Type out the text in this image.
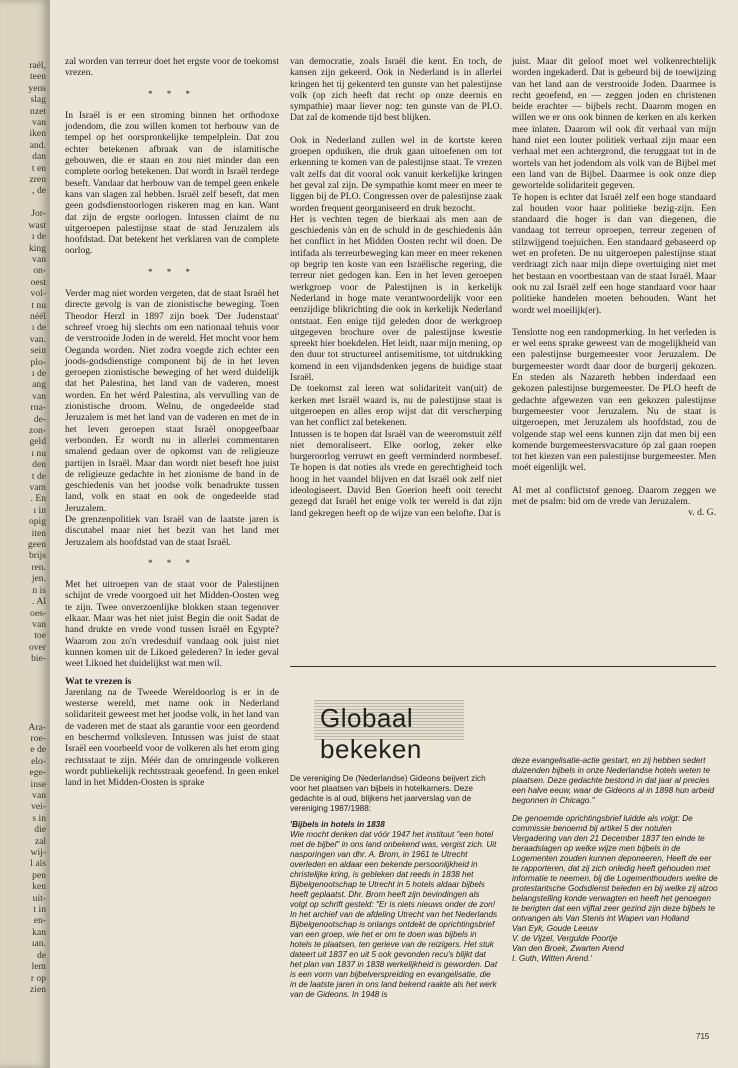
raël,
teen
yens
slag
nzet
van
iken
and.
dan
t en
zren
, de

Jor-
wast
ı de
king
van
on-
oest
vol-
t nu
néél
ı de
van.
sein
plo-
ı de
ang
van
rna-
de-
zon-
geld
ı nu
den
t de
vam
. En
ı in
opig
iten
geen
brijs
ren.
jen.
n is
. Al
oes-
van
toe
over
bie-

Ara-
roe-
e de
elo-
ege-
inse
van
vei-
s in
die
zal
wij-
l als
pen
ken
uit-
t in
en-
kan
ıan.
de
lem
r op
zien

zal worden van terreur doet het ergste voor de toekomst vrezen.

* * *

In Israël is er een stroming binnen het orthodoxe jodendom, die zou willen komen tot herbouw van de tempel op het oorspronkelijke tempelplein. Dat zou echter betekenen afbraak van de islamitische gebouwen, die er staan en zou niet minder dan een complete oorlog betekenen. Dat wordt in Israël terdege beseft. Vandaar dat herbouw van de tempel geen enkele kans van slagen zal hebben. Israël zelf beseft, dat men geen godsdienstoorlogen riskeren mag en kan. Want dat zijn de ergste oorlogen. Intussen claimt de nu uitgeroepen palestijnse staat de stad Jeruzalem als hoofdstad. Dat betekent het verklaren van de complete oorlog.

* * *

Verder mag niet worden vergeten, dat de staat Israël het directe gevolg is van de zionistische beweging. Toen Theodor Herzl in 1897 zijn boek 'Der Judenstaat' schreef vroeg hij slechts om een nationaal tehuis voor de verstrooide Joden in de wereld. Het mocht voor hem Oeganda worden. Niet zodra voegde zich echter een joods-godsdienstige component bij de in het leven geroepen zionistische beweging of het werd duidelijk dat het Palestina, het land van de vaderen, moest worden. En het wérd Palestina, als vervulling van de zionistische droom. Welnu, de ongedeelde stad Jeruzalem is met het land van de vaderen en met de in het leven geroepen staat Israël onopgeefbaar verbonden. Er wordt nu in allerlei commentaren smalend gedaan over de opkomst van de religieuze partijen in Israël. Maar dan wordt niet beseft hoe juist de religieuze gedachte in het zionisme de band in de geschiedenis van het joodse volk benadrukte tussen land, volk en staat en ook de ongedeelde stad Jeruzalem.

De grenzenpolitiek van Israël van de laatste jaren is discutabel maar niet het bezit van het land met Jeruzalem als hoofdstad van de staat Israël.

* * *

Met het uitroepen van de staat voor de Palestijnen schijnt de vrede voorgoed uit het Midden-Oosten weg te zijn. Twee onverzoenlijke blokken staan tegenover elkaar. Maar was het niet juist Begin die ooit Sadat de hand drukte en vrede vond tussen Israël en Egypte? Waarom zou zo'n vredesduif vandaag ook juist niet kunnen komen uit de Likoed gelederen? In ieder geval weet Likoed het duidelijkst wat men wil.

Wat te vrezen is

Jarenlang na de Tweede Wereldoorlog is er in de westerse wereld, met name ook in Nederland solidariteit geweest met het joodse volk, in het land van de vaderen met de staat als garantie voor een geordend en beschermd volksleven. Intussen was juist de staat Israël een voorbeeld voor de volkeren als het erom ging rechtsstaat te zijn. Méér dan de omringende volkeren wordt publiekelijk rechtsstraak geoefend. In geen enkel land in het Midden-Oosten is sprake

van democratie, zoals Israël die kent. En toch, de kansen zijn gekeerd. Ook in Nederland is in allerlei kringen het tij gekenterd ten gunste van het palestijnse volk (op zich heeft dat recht op onze deernis en sympathie) maar liever nog: ten gunste van de PLO. Dat zal de komende tijd best blijken.

Ook in Nederland zullen wel in de kortste keren groepen opduiken, die druk gaan uitoefenen om tot erkenning te komen van de palestijnse staat. Te vrezen valt zelfs dat dit vooral ook vanuit kerkelijke kringen het geval zal zijn. De sympathie komt meer en meer te liggen bij de PLO. Congressen over de palestijnse zaak worden frequent georganiseerd en druk bezocht.

Het is vechten tegen de bierkaai als men aan de geschiedenis vàn en de schuld in de geschiedenis àán het conflict in het Midden Oosten recht wil doen. De intifada als terreurbeweging kan meer en meer rekenen op begrip ten koste van een Israëlische regering, die terreur niet gedogen kan. Een in het leven geroepen werkgroep voor de Palestijnen is in kerkelijk Nederland in hoge mate verantwoordelijk voor een eenzijdige blikrichting die ook in kerkelijk Nederland ontstaat. Een enige tijd geleden door de werkgroep uitgegeven brochure over de palestijnse kwestie spreekt hier boekdelen. Het leidt, naar mijn mening, op den duur tot structureel antisemitisme, tot uitdrukking komend in een vijandsdenken jegens de huidige staat Israël.

De toekomst zal leren wat solidariteit van(uit) de kerken met Israël waard is, nu de palestijnse staat is uitgeroepen en alles erop wijst dat dit verscherping van het conflict zal betekenen.

Intussen is te hopen dat Israël van de weeromstuit zélf niet demoraliseert. Elke oorlog, zeker elke burgeroorlog verruwt en geeft verminderd normbesef. Te hopen is dat noties als vrede en gerechtigheid toch hoog in het vaandel blijven en dat Israël ook zelf niet ideologiseert. David Ben Goerion heeft ooit terecht gezegd dat Israël het enige volk ter wereld is dat zijn land gekregen heeft op de wijze van een belofte. Dat is

juist. Maar dit geloof moet wel volkenrechtelijk worden ingekaderd. Dat is gebeurd bij de toewijzing van het land aan de verstrooide Joden. Daarmee is recht geoefend, en — zeggen joden en christenen beide erachter — bijbels recht. Daarom mogen en willen we er ons ook binnen de kerken en als kerken mee inlaten. Daarom wil ook dit verhaal van mijn hand niet een louter politiek verhaal zijn maar een verhaal met een achtergrond, die teruggaat tot in de wortels van het jodendom als volk van de Bijbel met een land van de Bijbel. Daarmee is ook onze diep gewortelde solidariteit gegeven.

Te hopen is echter dat Israël zelf een hoge standaard zal houden voor haar politieke bezig-zijn. Een standaard die hoger is dan van diegenen, die vandaag tot terreur oproepen, terreur zegenen of stilzwijgend toejuichen. Een standaard gebaseerd op wet en profeten. De nu uitgeroepen palestijnse staat verdraagt zich naar mijn diepe overtuiging niet met het bestaan en voortbestaan van de staat Israël. Maar ook nu zal Israël zelf een hoge standaard voor haar politieke handelen moeten behouden. Want het wordt wel moeilijk(er).

Tenslotte nog een randopmerking. In het verleden is er wel eens sprake geweest van de mogelijkheid van een palestijnse burgemeester voor Jeruzalem. De burgemeester wordt daar door de burgerij gekozen. En steden als Nazareth hebben inderdaad een gekozen palestijnse burgemeester. De PLO heeft de gedachte afgewezen van een gekozen palestijnse burgemeester voor Jeruzalem. Nu de staat is uitgeroepen, met Jeruzalem als hoofdstad, zou de volgende stap wel eens kunnen zijn dat men bij een komende burgemeestersvacature óp zal gaan roepen tot het kiezen van een palestijnse burgemeester. Men moét eigenlijk wel.

Al met al conflictstof genoeg. Daarom zeggen we met de psalm: bid om de vrede van Jeruzalem.

v. d. G.

Globaal bekeken

De vereniging De (Nederlandse) Gideons beijvert zich voor het plaatsen van bijbels in hotelkamers. Deze gedachte is al oud, blijkens het jaarverslag van de vereniging 1987/1988:

'Bijbels in hotels in 1838

Wie mocht denken dat vóór 1947 het instituut "een hotel met de bijbel" in ons land onbekend was, vergist zich. Uit nasporingen van dhr. A. Brom, in 1961 te Utrecht overleden en aldaar een bekende persoonlijkheid in christelijke kring, is gebleken dat reeds in 1838 het Bijbelgenootschap te Utrecht in 5 hotels aldaar bijbels heeft geplaatst. Dhr. Brom heeft zijn bevindingen als volgt op schrift gesteld: "Er is niets nieuws onder de zon! In het archief van de afdeling Utrecht van het Nederlands Bijbelgenootschap is onlangs ontdekt de oprichtingsbrief van een groep, wie het er om te doen was bijbels in hotels te plaatsen, ten gerieve van de reizigers. Het stuk dateert uit 1837 en uit 5 ook gevonden recu's blijkt dat het plan van 1837 in 1838 werkelijkheid is geworden. Dat is een vorm van bijbelverspreiding en evangelisatie, die in de laatste jaren in ons land bekend raakte als het werk van de Gideons. In 1948 is

deze evangelisatie-actie gestart, en zij hebben sedert duizenden bijbels in onze Nederlandse hotels weten te plaatsen. Deze gedachte bestond in dat jaar al precies een halve eeuw, waar de Gideons al in 1898 hun arbeid begonnen in Chicago."

De genoemde oprichtingsbrief luidde als volgt: De commissie benoemd bij artikel 5 der notulen Vergadering van den 21 December 1837 ten einde te beraadslagen op welke wijze men bijbels in de Logementen zouden kunnen deponeeren, Heeft de eer te rapporteren, dat zij zich onledig heeft gehouden met informatie te neemen, bij die Logementhouders welke de protestantsche Godsdienst beleden en bij welke zij alzoo belangstelling konde verwagten en heeft het genoegen te berigten dat een vijftal zeer gezind zijn deze bijbels te ontvangen als Van Stenis int Wapen van Holland

Van Eyk, Goude Leeuw

V. de Vijzel, Vergulde Poortje

Van den Broek, Zwarten Arend

I. Guth, Witten Arend.'

715
